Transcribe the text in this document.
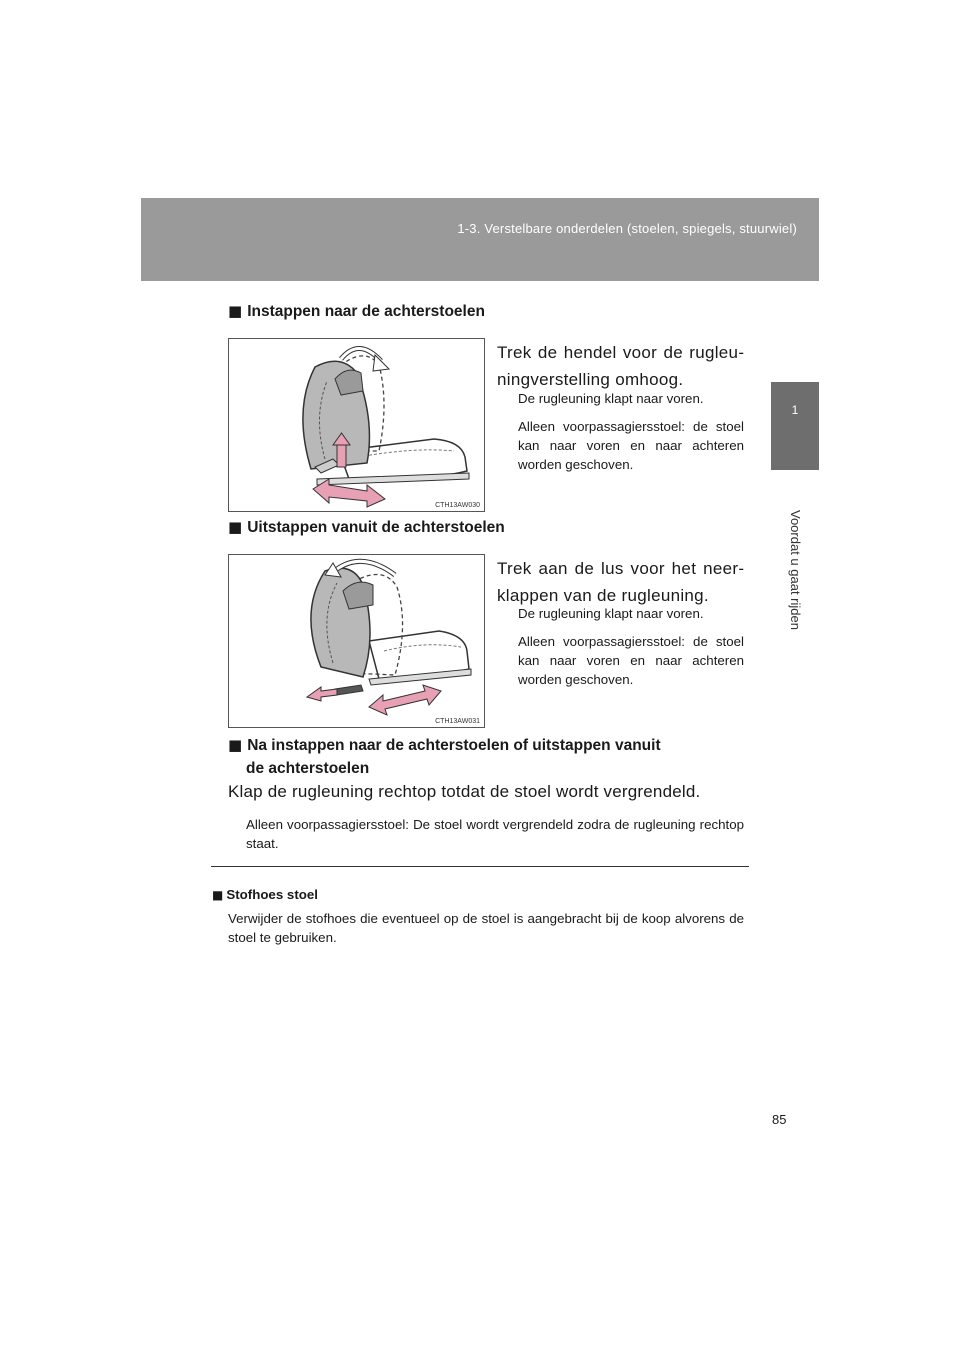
1-3. Verstelbare onderdelen (stoelen, spiegels, stuurwiel)
1
Voordat u gaat rijden
■ Instappen naar de achterstoelen
CTH13AW030
Trek de hendel voor de rugleuningverstelling omhoog.
De rugleuning klapt naar voren.
Alleen voorpassagiersstoel: de stoel kan naar voren en naar achteren worden geschoven.
■ Uitstappen vanuit de achterstoelen
CTH13AW031
Trek aan de lus voor het neerklappen van de rugleuning.
De rugleuning klapt naar voren.
Alleen voorpassagiersstoel: de stoel kan naar voren en naar achteren worden geschoven.
■ Na instappen naar de achterstoelen of uitstappen vanuit
de achterstoelen
Klap de rugleuning rechtop totdat de stoel wordt vergrendeld.
Alleen voorpassagiersstoel: De stoel wordt vergrendeld zodra de rugleuning rechtop staat.
■ Stofhoes stoel
Verwijder de stofhoes die eventueel op de stoel is aangebracht bij de koop alvorens de stoel te gebruiken.
85
